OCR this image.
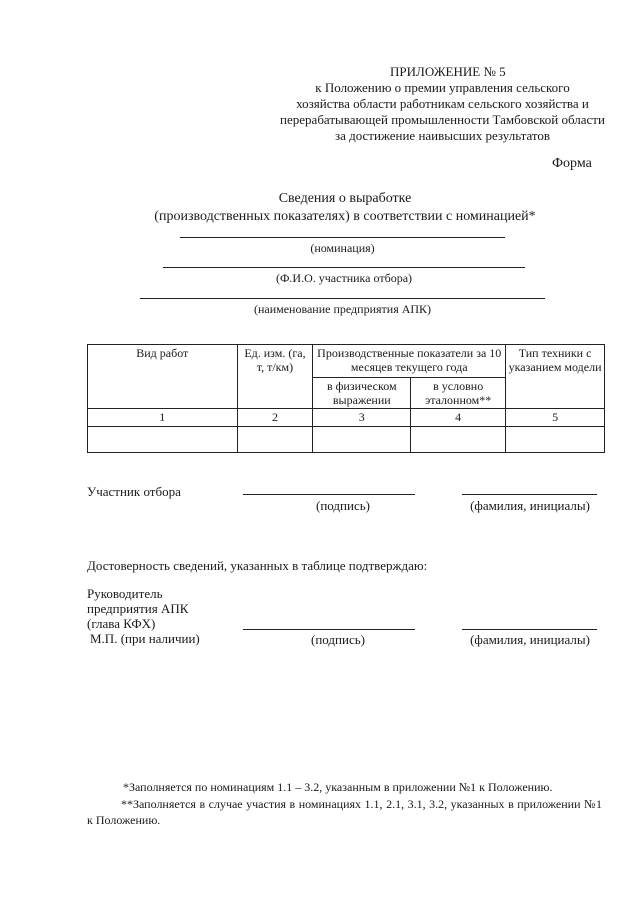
ПРИЛОЖЕНИЕ № 5
к Положению о премии управления сельского
хозяйства области работникам сельского хозяйства и
перерабатывающей промышленности Тамбовской области
за достижение наивысших результатов
Форма
Сведения о выработке
(производственных показателях) в соответствии с номинацией*
(номинация)
(Ф.И.О. участника отбора)
(наименование предприятия АПК)
Вид работ	Ед. изм. (га, т, т/км)	Производственные показатели за 10 месяцев текущего года		Тип техники с указанием модели
		в физическом выражении	в условно эталонном**	
1	2	3	4	5

Участник отбора
(подпись)	(фамилия, инициалы)
Достоверность сведений, указанных в таблице подтверждаю:
Руководитель
предприятия АПК
(глава КФХ)
М.П. (при наличии)	(подпись)	(фамилия, инициалы)
*Заполняется по номинациям 1.1 – 3.2, указанным в приложении №1 к Положению.
**Заполняется в случае участия в номинациях 1.1, 2.1, 3.1, 3.2, указанных в приложении №1 к Положению.
